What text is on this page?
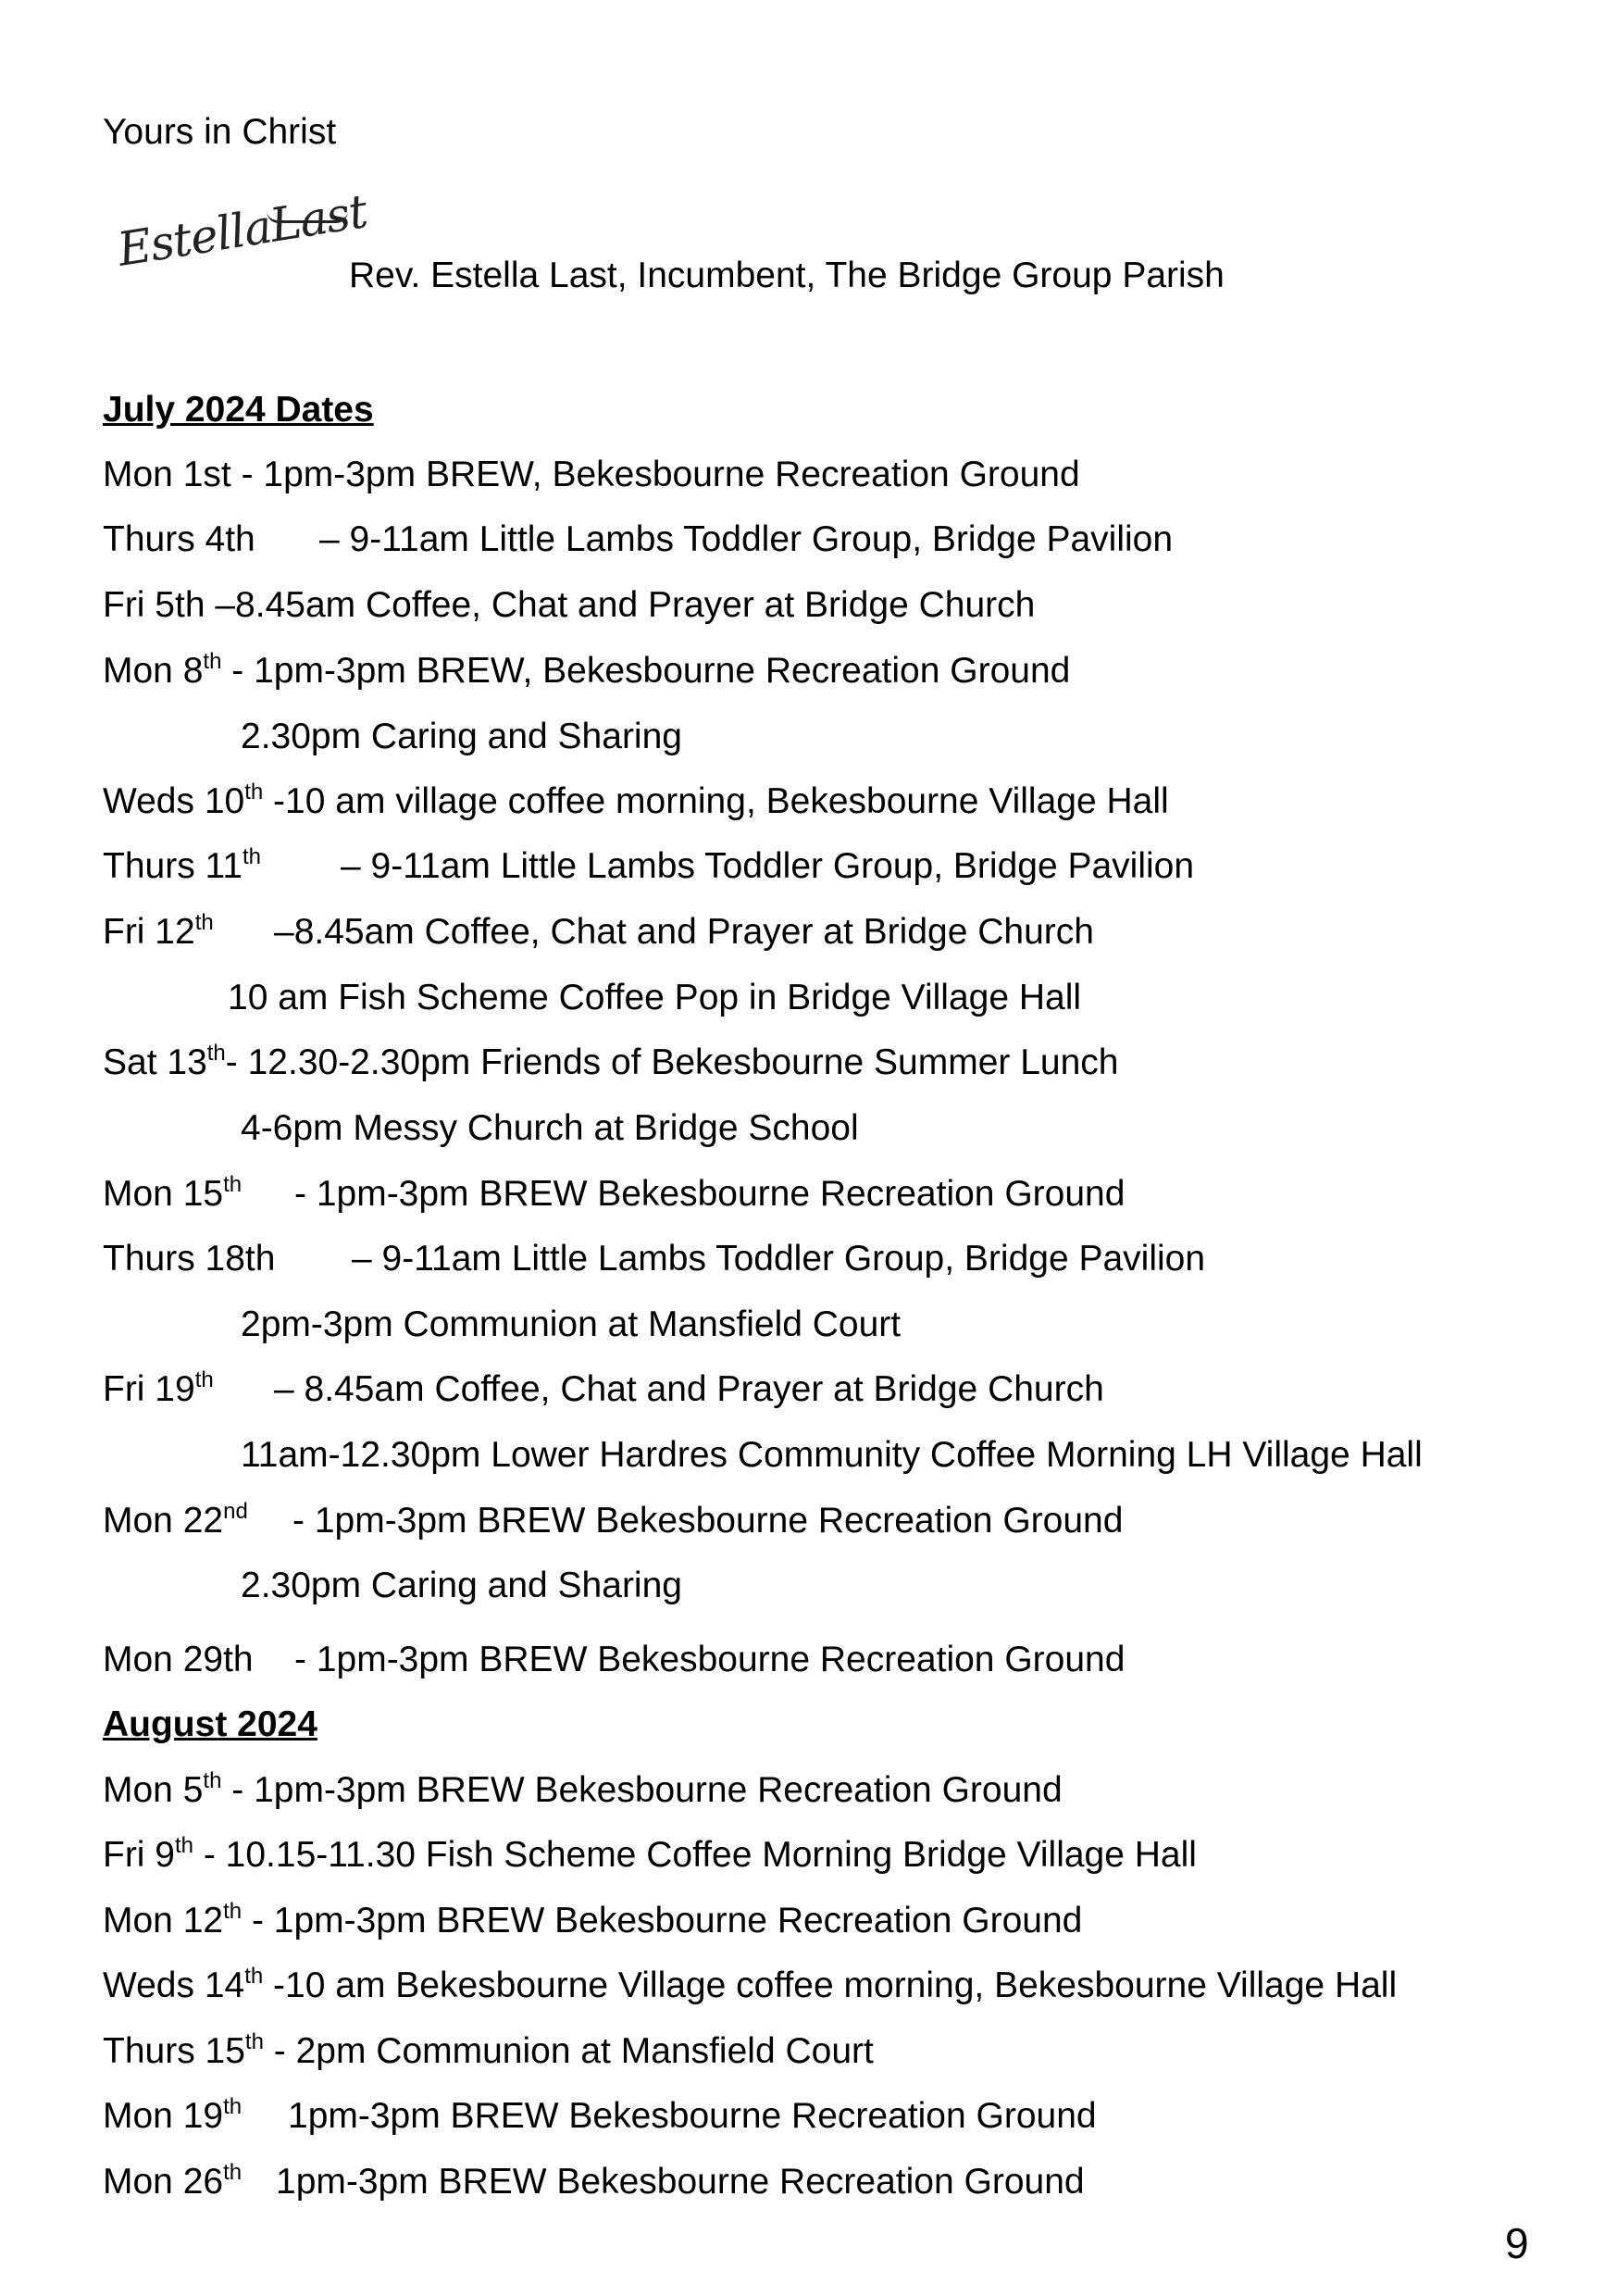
Yours in Christ
EstellaLast
Rev. Estella Last, Incumbent, The Bridge Group Parish
July 2024 Dates
Mon 1st - 1pm-3pm BREW, Bekesbourne Recreation Ground
Thurs 4th – 9-11am Little Lambs Toddler Group, Bridge Pavilion
Fri 5th –8.45am Coffee, Chat and Prayer at Bridge Church
Mon 8th - 1pm-3pm BREW, Bekesbourne Recreation Ground
2.30pm Caring and Sharing
Weds 10th -10 am village coffee morning, Bekesbourne Village Hall
Thurs 11th – 9-11am Little Lambs Toddler Group, Bridge Pavilion
Fri 12th –8.45am Coffee, Chat and Prayer at Bridge Church
10 am Fish Scheme Coffee Pop in Bridge Village Hall
Sat 13th- 12.30-2.30pm Friends of Bekesbourne Summer Lunch
4-6pm Messy Church at Bridge School
Mon 15th - 1pm-3pm BREW Bekesbourne Recreation Ground
Thurs 18th – 9-11am Little Lambs Toddler Group, Bridge Pavilion
2pm-3pm Communion at Mansfield Court
Fri 19th – 8.45am Coffee, Chat and Prayer at Bridge Church
11am-12.30pm Lower Hardres Community Coffee Morning LH Village Hall
Mon 22nd - 1pm-3pm BREW Bekesbourne Recreation Ground
2.30pm Caring and Sharing
Mon 29th - 1pm-3pm BREW Bekesbourne Recreation Ground
August 2024
Mon 5th - 1pm-3pm BREW Bekesbourne Recreation Ground
Fri 9th - 10.15-11.30 Fish Scheme Coffee Morning Bridge Village Hall
Mon 12th - 1pm-3pm BREW Bekesbourne Recreation Ground
Weds 14th -10 am Bekesbourne Village coffee morning, Bekesbourne Village Hall
Thurs 15th - 2pm Communion at Mansfield Court
Mon 19th 1pm-3pm BREW Bekesbourne Recreation Ground
Mon 26th 1pm-3pm BREW Bekesbourne Recreation Ground
9
